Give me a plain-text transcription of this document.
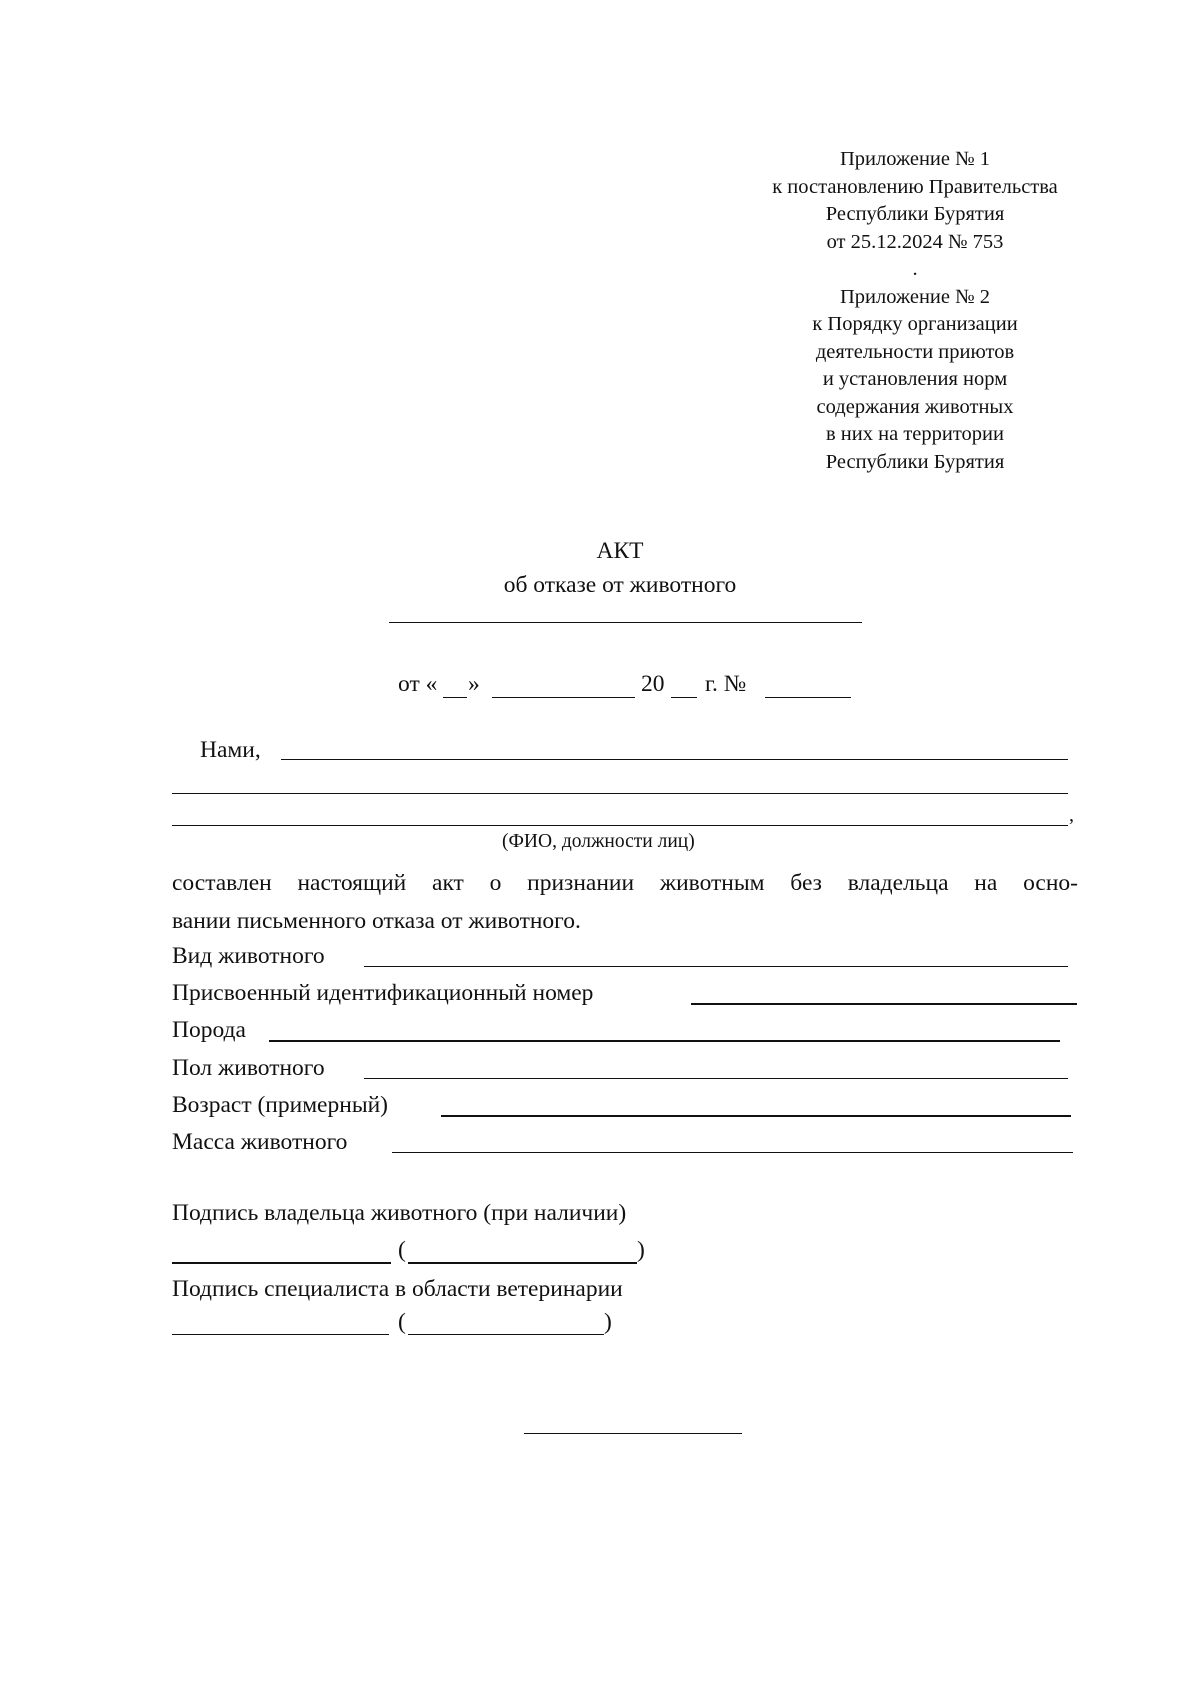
Приложение № 1
к постановлению Правительства
Республики Бурятия
от 25.12.2024 № 753
.
Приложение № 2
к Порядку организации
деятельности приютов
и установления норм
содержания животных
в них на территории
Республики Бурятия
АКТ
об отказе от животного
от « »	20 г. №
Нами,
,
(ФИО, должности лиц)
составлен настоящий акт о признании животным без владельца на осно-
вании письменного отказа от животного.
Вид животного
Присвоенный идентификационный номер
Порода
Пол животного
Возраст (примерный)
Масса животного
Подпись владельца животного (при наличии)
(	)
Подпись специалиста в области ветеринарии
(	)
